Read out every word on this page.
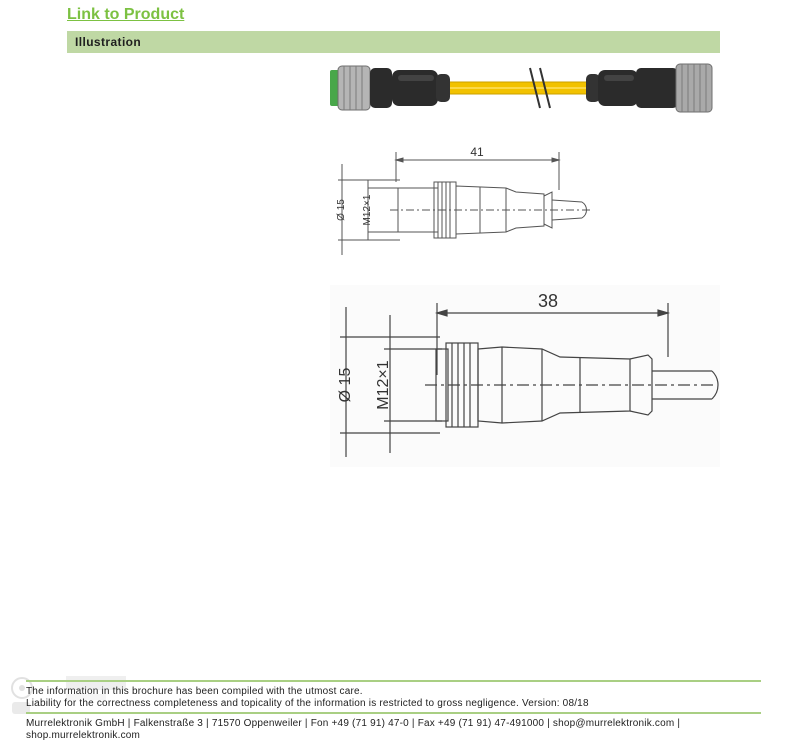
Link to Product
Illustration
41
Ø 15 M12×1
38
Ø 15 M12×1
The information in this brochure has been compiled with the utmost care.
Liability for the correctness completeness and topicality of the information is restricted to gross negligence. Version: 08/18
Murrelektronik GmbH | Falkenstraße 3 | 71570 Oppenweiler | Fon +49 (71 91) 47-0 | Fax +49 (71 91) 47-491000 | shop@murrelektronik.com |
shop.murrelektronik.com
